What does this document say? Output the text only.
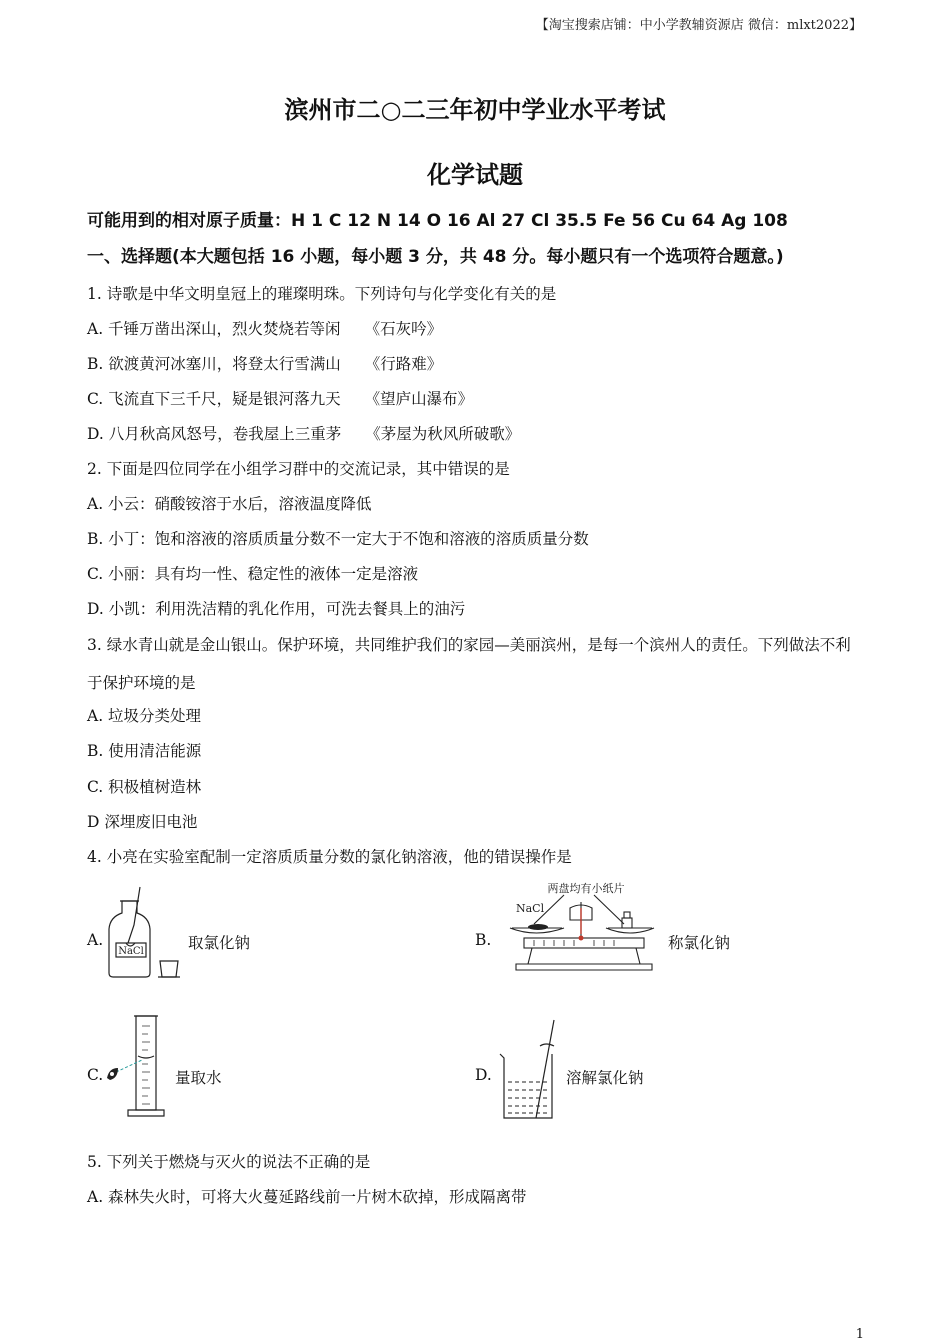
【淘宝搜索店铺：中小学教辅资源店 微信：mlxt2022】
滨州市二○二三年初中学业水平考试
化学试题
可能用到的相对原子质量：H 1 C 12 N 14 O 16 Al 27 Cl 35.5 Fe 56 Cu 64 Ag 108
一、选择题(本大题包括 16 小题，每小题 3 分，共 48 分。每小题只有一个选项符合题意。)
1. 诗歌是中华文明皇冠上的璀璨明珠。下列诗句与化学变化有关的是
A. 千锤万凿出深山，烈火焚烧若等闲 《石灰吟》
B. 欲渡黄河冰塞川，将登太行雪满山 《行路难》
C. 飞流直下三千尺，疑是银河落九天 《望庐山瀑布》
D. 八月秋高风怒号，卷我屋上三重茅 《茅屋为秋风所破歌》
2. 下面是四位同学在小组学习群中的交流记录，其中错误的是
A. 小云：硝酸铵溶于水后，溶液温度降低
B. 小丁：饱和溶液的溶质质量分数不一定大于不饱和溶液的溶质质量分数
C. 小丽：具有均一性、稳定性的液体一定是溶液
D. 小凯：利用洗洁精的乳化作用，可洗去餐具上的油污
3. 绿水青山就是金山银山。保护环境，共同维护我们的家园—美丽滨州，是每一个滨州人的责任。下列做法不利于保护环境的是
A. 垃圾分类处理
B. 使用清洁能源
C. 积极植树造林
D 深埋废旧电池
4. 小亮在实验室配制一定溶质质量分数的氯化钠溶液，他的错误操作是
A.
NaCl	取氯化钠	B.
两盘均有小纸片
NaCl
称氯化钠
C.	量取水	D.	溶解氯化钠
5. 下列关于燃烧与灭火的说法不正确的是
A. 森林失火时，可将大火蔓延路线前一片树木砍掉，形成隔离带
1
